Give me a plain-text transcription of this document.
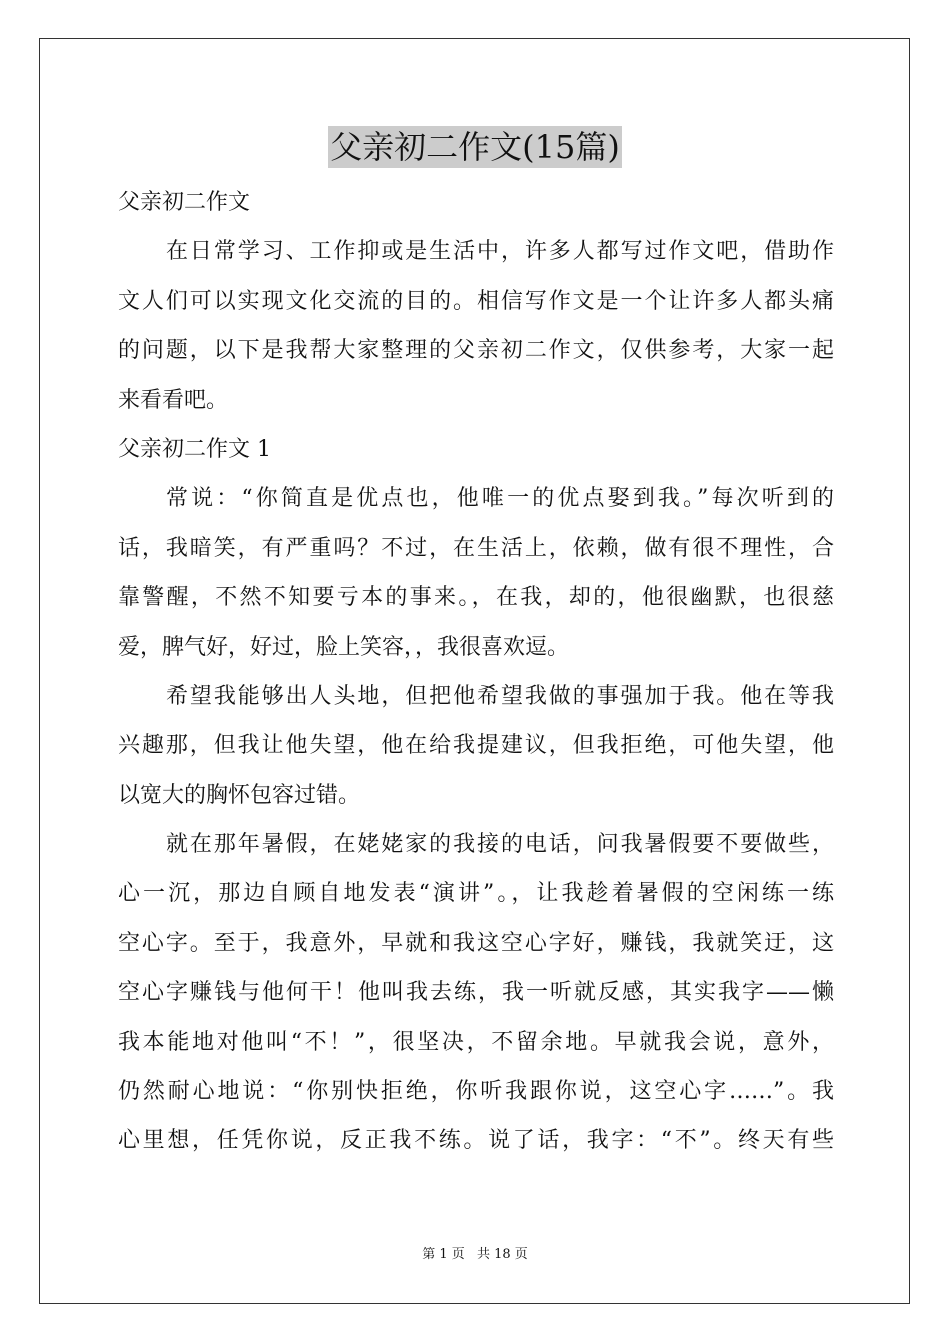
父亲初二作文(15篇)
父亲初二作文
在日常学习、工作抑或是生活中，许多人都写过作文吧，借助作
文人们可以实现文化交流的目的。相信写作文是一个让许多人都头痛
的问题，以下是我帮大家整理的父亲初二作文，仅供参考，大家一起
来看看吧。
父亲初二作文 1
常说：“你简直是优点也，他唯一的优点娶到我。”每次听到的
话，我暗笑，有严重吗？不过，在生活上，依赖，做有很不理性，合
靠警醒，不然不知要亏本的事来。，在我，却的，他很幽默，也很慈
爱，脾气好，好过，脸上笑容，，我很喜欢逗。
希望我能够出人头地，但把他希望我做的事强加于我。他在等我
兴趣那，但我让他失望，他在给我提建议，但我拒绝，可他失望，他
以宽大的胸怀包容过错。
就在那年暑假，在姥姥家的我接的电话，问我暑假要不要做些，
心一沉，那边自顾自地发表“演讲”。，让我趁着暑假的空闲练一练
空心字。至于，我意外，早就和我这空心字好，赚钱，我就笑迂，这
空心字赚钱与他何干！他叫我去练，我一听就反感，其实我字——懒
我本能地对他叫“不！”，很坚决，不留余地。早就我会说，意外，
仍然耐心地说：“你别快拒绝，你听我跟你说，这空心字……”。我
心里想，任凭你说，反正我不练。说了话，我字：“不”。终天有些
第 1 页 共 18 页
